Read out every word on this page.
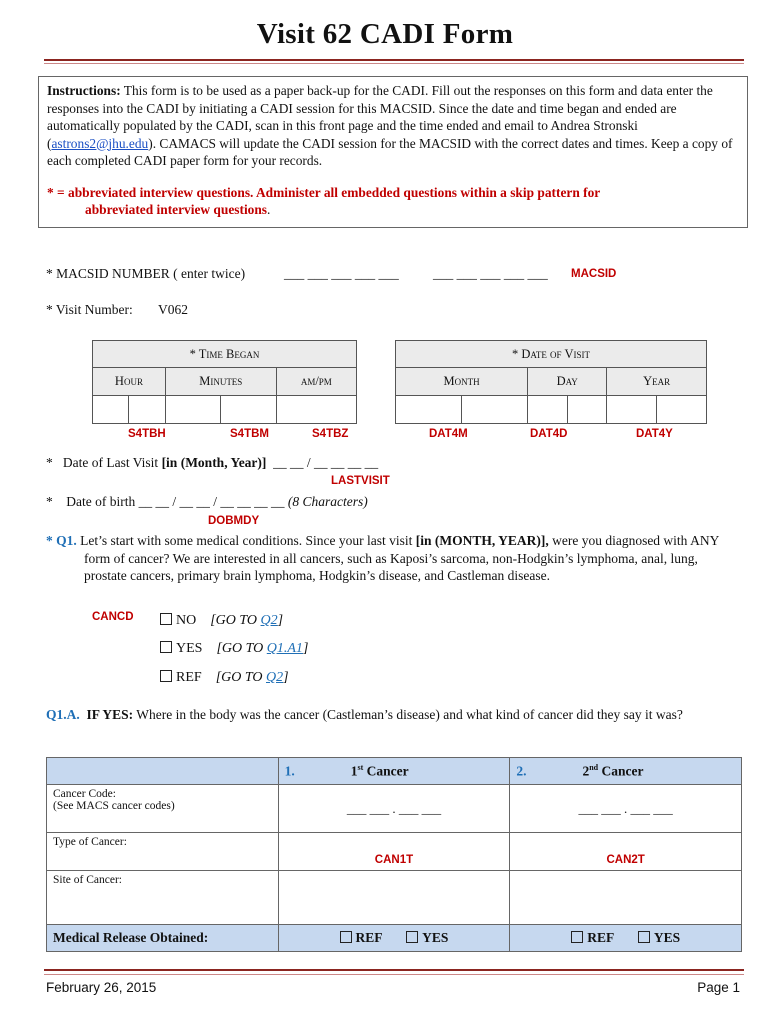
Visit 62 CADI Form
Instructions: This form is to be used as a paper back-up for the CADI. Fill out the responses on this form and data enter the responses into the CADI by initiating a CADI session for this MACSID. Since the date and time began and ended are automatically populated by the CADI, scan in this front page and the time ended and email to Andrea Stronski (astrons2@jhu.edu). CAMACS will update the CADI session for the MACSID with the correct dates and times. Keep a copy of each completed CADI paper form for your records.
* = abbreviated interview questions. Administer all embedded questions within a skip pattern for
abbreviated interview questions.
* MACSID NUMBER ( enter twice)	___ ___ ___ ___ ___	___ ___ ___ ___ ___ MACSID
* Visit Number: V062
* Time Began				
Hour		Minutes		am/pm

S4TBH	S4TBM	S4TBZ
* Date of Visit					
Month		Day		Year	

DAT4M	DAT4D	DAT4Y
* Date of Last Visit [in (Month, Year)] __ __ / __ __ __ __
LASTVISIT
* Date of birth __ __ / __ __ / __ __ __ __ (8 Characters)
DOBMDY
* Q1. Let’s start with some medical conditions. Since your last visit [in (MONTH, YEAR)], were you diagnosed with ANY form of cancer? We are interested in all cancers, such as Kaposi’s sarcoma, non-Hodgkin’s lymphoma, anal, lung, prostate cancers, primary brain lymphoma, Hodgkin’s disease, and Castleman disease.
CANCD	NO [GO TO Q2]
YES [GO TO Q1.A1]
REF [GO TO Q2]
Q1.A. IF YES: Where in the body was the cancer (Castleman’s disease) and what kind of cancer did they say it was?
	1. 1st Cancer	2. 2nd Cancer

Cancer Code:
(See MACS cancer codes)	___ ___ . ___ ___	___ ___ . ___ ___

Type of Cancer:	CAN1T	CAN2T

Site of Cancer:		

Medical Release Obtained:	REF YES	REF YES
February 26, 2015	Page 1
